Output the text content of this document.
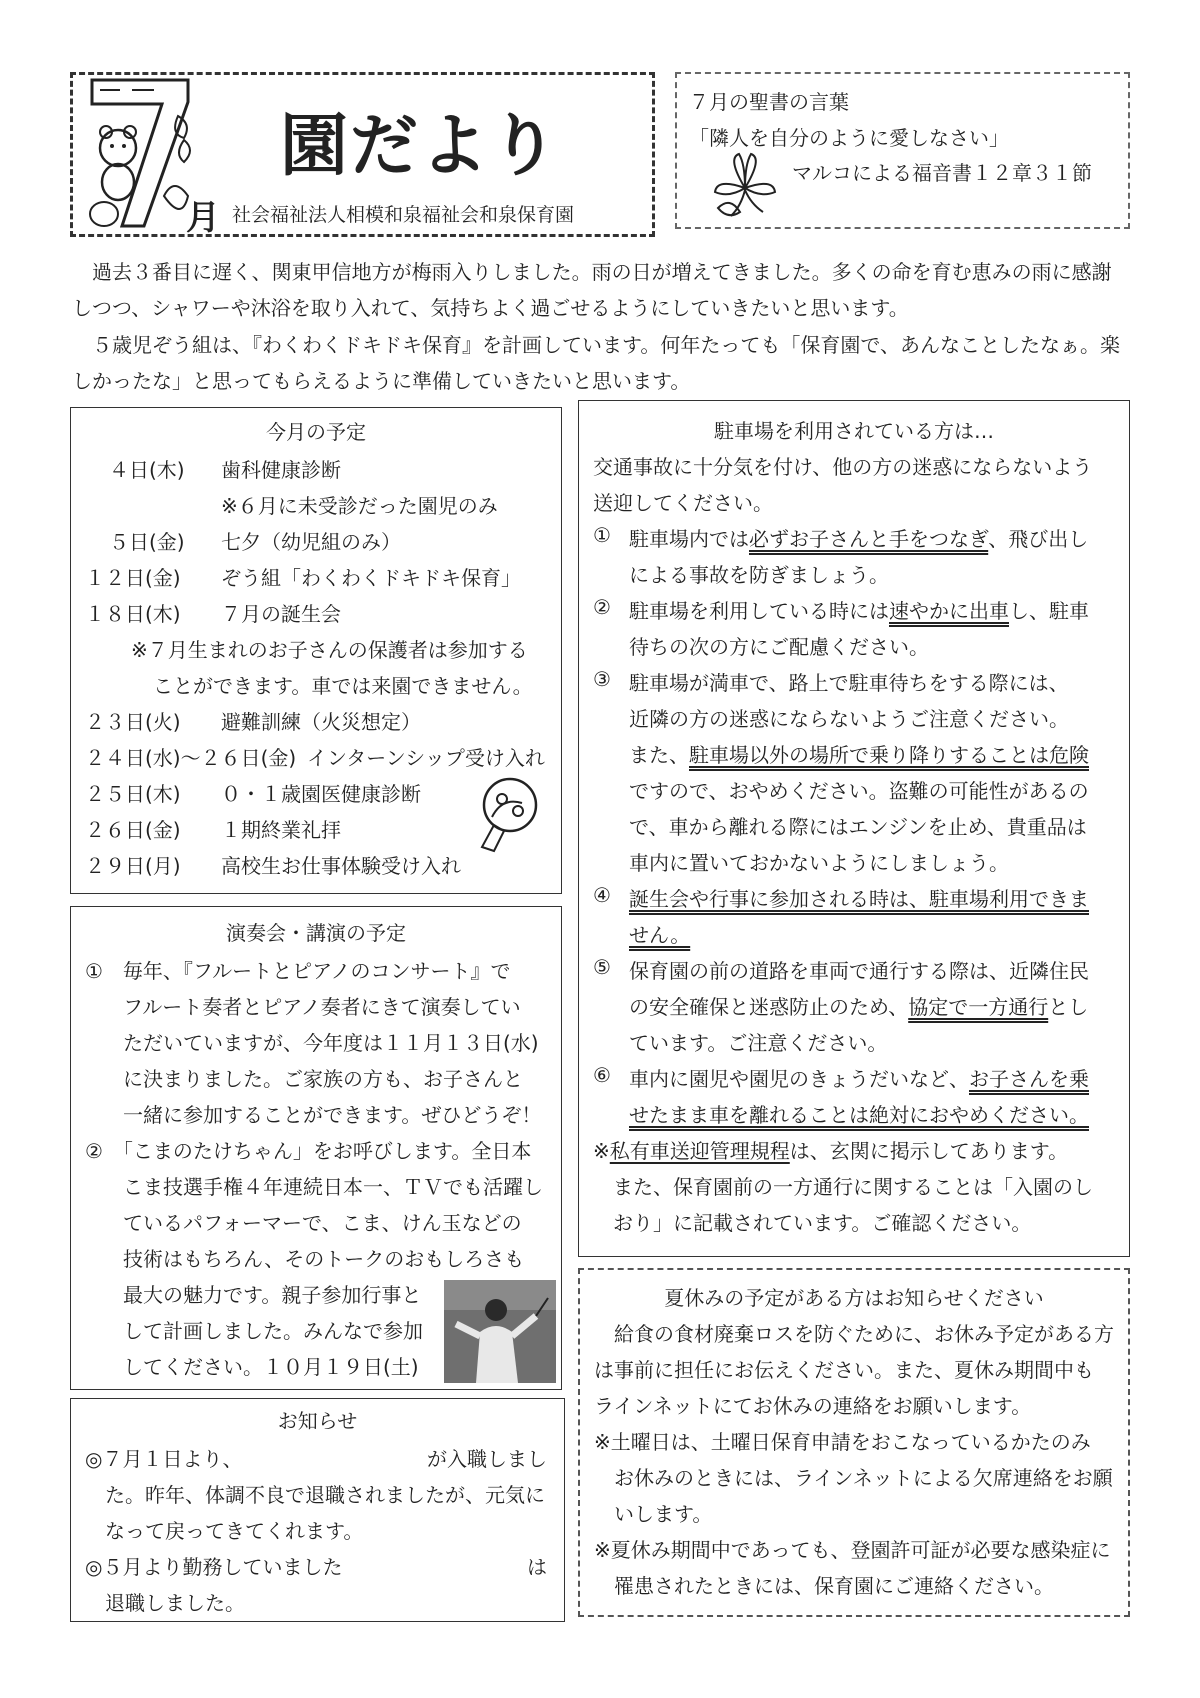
園だより
月 社会福祉法人相模和泉福祉会和泉保育園
７月の聖書の言葉
「隣人を自分のように愛しなさい」
マルコによる福音書１２章３１節
　過去３番目に遅く、関東甲信地方が梅雨入りしました。雨の日が増えてきました。多くの命を育む恵みの雨に感謝
しつつ、シャワーや沐浴を取り入れて、気持ちよく過ごせるようにしていきたいと思います。
　５歳児ぞう組は、『わくわくドキドキ保育』を計画しています。何年たっても「保育園で、あんなことしたなぁ。楽
しかったな」と思ってもらえるように準備していきたいと思います。
今月の予定
４日(木) 歯科健康診断
※６月に未受診だった園児のみ
５日(金) 七夕（幼児組のみ）
１２日(金) ぞう組「わくわくドキドキ保育」
１８日(木) ７月の誕生会
※７月生まれのお子さんの保護者は参加する
ことができます。車では来園できません。
２３日(火) 避難訓練（火災想定）
２４日(水)～２６日(金) インターンシップ受け入れ
２５日(木) ０・１歳園医健康診断
２６日(金) １期終業礼拝
２９日(月) 高校生お仕事体験受け入れ
演奏会・講演の予定
①　毎年、『フルートとピアノのコンサート』で
フルート奏者とピアノ奏者にきて演奏してい
ただいていますが、今年度は１１月１３日(水)
に決まりました。ご家族の方も、お子さんと
一緒に参加することができます。ぜひどうぞ！
②　「こまのたけちゃん」をお呼びします。全日本
こま技選手権４年連続日本一、ＴＶでも活躍し
ているパフォーマーで、こま、けん玉などの
技術はもちろん、そのトークのおもしろさも
最大の魅力です。親子参加行事と
して計画しました。みんなで参加
してください。１０月１９日(土)
お知らせ
◎７月１日より、	が入職しまし
た。昨年、体調不良で退職されましたが、元気に
なって戻ってきてくれます。
◎５月より勤務していました	は
退職しました。
駐車場を利用されている方は…
交通事故に十分気を付け、他の方の迷惑にならないよう
送迎してください。
① 駐車場内では必ずお子さんと手をつなぎ、飛び出し
による事故を防ぎましょう。
② 駐車場を利用している時には速やかに出車し、駐車
待ちの次の方にご配慮ください。
③ 駐車場が満車で、路上で駐車待ちをする際には、
近隣の方の迷惑にならないようご注意ください。
また、駐車場以外の場所で乗り降りすることは危険
ですので、おやめください。盗難の可能性があるの
で、車から離れる際にはエンジンを止め、貴重品は
車内に置いておかないようにしましょう。
④ 誕生会や行事に参加される時は、駐車場利用できま
せん。
⑤ 保育園の前の道路を車両で通行する際は、近隣住民
の安全確保と迷惑防止のため、協定で一方通行とし
ています。ご注意ください。
⑥ 車内に園児や園児のきょうだいなど、お子さんを乗
せたまま車を離れることは絶対におやめください。
※私有車送迎管理規程は、玄関に掲示してあります。
また、保育園前の一方通行に関することは「入園のし
おり」に記載されています。ご確認ください。
夏休みの予定がある方はお知らせください
給食の食材廃棄ロスを防ぐために、お休み予定がある方
は事前に担任にお伝えください。また、夏休み期間中も
ラインネットにてお休みの連絡をお願いします。
※土曜日は、土曜日保育申請をおこなっているかたのみ
お休みのときには、ラインネットによる欠席連絡をお願
いします。
※夏休み期間中であっても、登園許可証が必要な感染症に
罹患されたときには、保育園にご連絡ください。
